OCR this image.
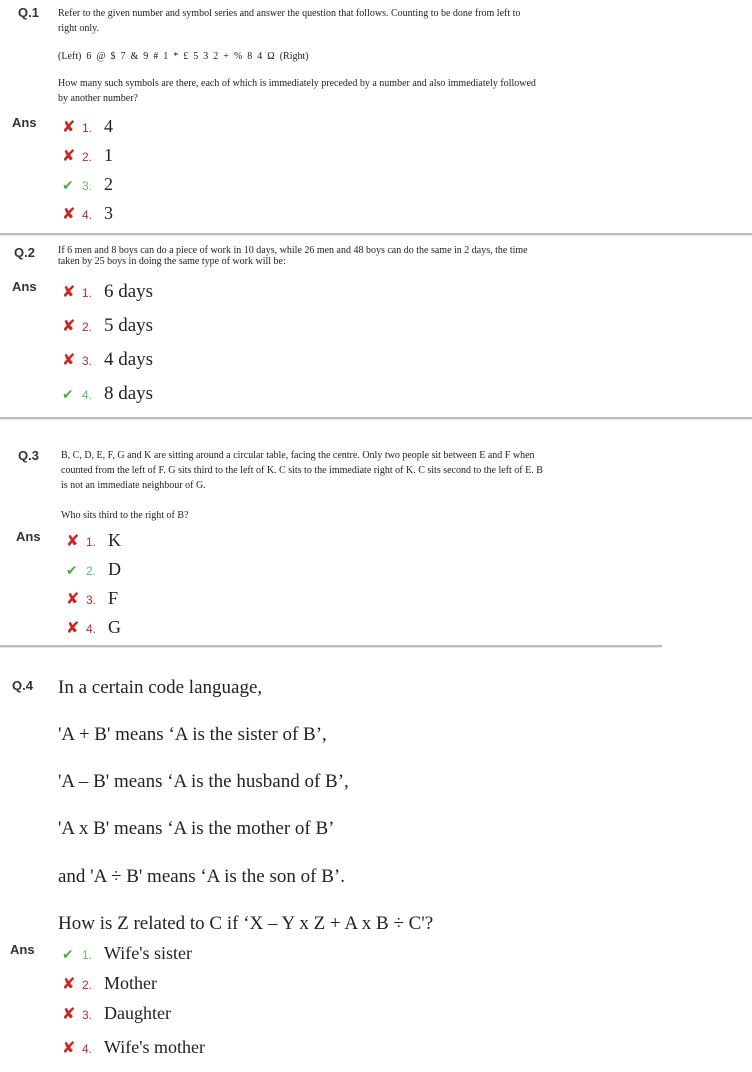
Q.1 Refer to the given number and symbol series and answer the question that follows. Counting to be done from left to

right only.

(Left)  6  @  $  7  &  9  #  1  *  £  5  3  2  +  %  8  4  Ω  (Right)

How many such symbols are there, each of which is immediately preceded by a number and also immediately followed

by another number?

Ans ✘ 1. 4
✘ 2. 1
✔ 3. 2
✘ 4. 3
Q.2 If 6 men and 8 boys can do a piece of work in 10 days, while 26 men and 48 boys can do the same in 2 days, the time

taken by 25 boys in doing the same type of work will be:

Ans ✘ 1. 6 days
✘ 2. 5 days
✘ 3. 4 days
✔ 4. 8 days
Q.3 B, C, D, E, F, G and K are sitting around a circular table, facing the centre. Only two people sit between E and F when

counted from the left of F. G sits third to the left of K. C sits to the immediate right of K. C sits second to the left of E. B

is not an immediate neighbour of G.

Who sits third to the right of B?
Ans ✘ 1. K
✔ 2. D
✘ 3. F
✘ 4. G
Q.4 In a certain code language,
'A + B' means ‘A is the sister of B’,
'A – B' means ‘A is the husband of B’,
'A x B' means ‘A is the mother of B’
and 'A ÷ B' means ‘A is the son of B’.
How is Z related to C if ‘X – Y x Z + A x B ÷ C'?
Ans ✔ 1. Wife's sister
✘ 2. Mother
✘ 3. Daughter
✘ 4. Wife's mother
